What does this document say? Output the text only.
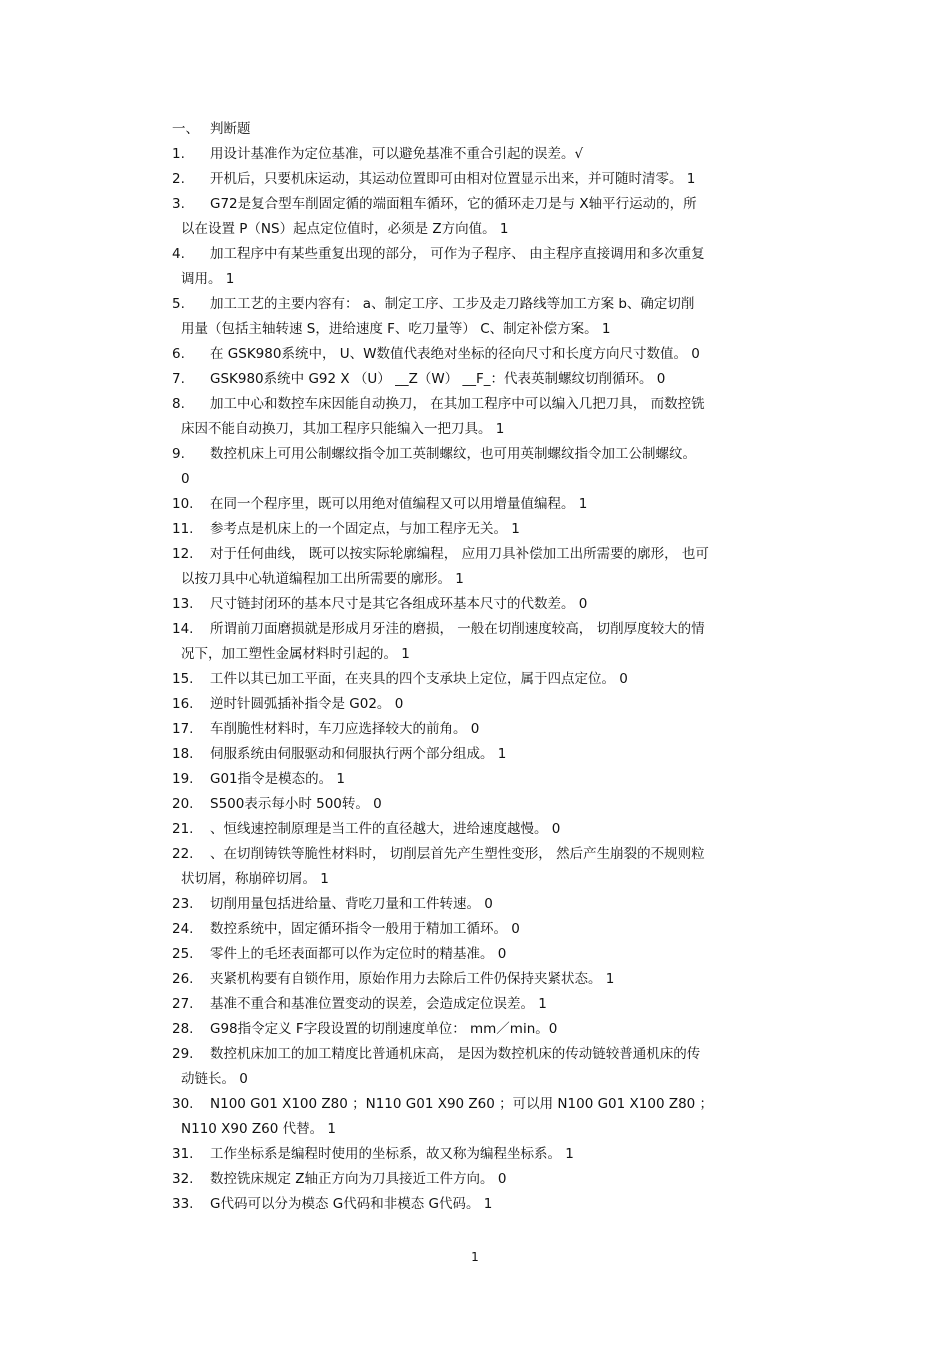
一、 判断题
1. 用设计基准作为定位基准，可以避免基准不重合引起的误差。√
2. 开机后，只要机床运动，其运动位置即可由相对位置显示出来，并可随时清零。 1
3. G72是复合型车削固定循的端面粗车循环，它的循环走刀是与 X轴平行运动的，所
以在设置 P（NS）起点定位值时，必须是 Z方向值。 1
4. 加工程序中有某些重复出现的部分， 可作为子程序、 由主程序直接调用和多次重复
调用。 1
5. 加工工艺的主要内容有： a、制定工序、工步及走刀路线等加工方案 b、确定切削
用量（包括主轴转速 S，进给速度 F、吃刀量等） C、制定补偿方案。 1
6. 在 GSK980系统中， U、W数值代表绝对坐标的径向尺寸和长度方向尺寸数值。 0
7. GSK980系统中 G92 X （U） __Z（W） __F_：代表英制螺纹切削循环。 0
8. 加工中心和数控车床因能自动换刀， 在其加工程序中可以编入几把刀具， 而数控铣
床因不能自动换刀，其加工程序只能编入一把刀具。 1
9. 数控机床上可用公制螺纹指令加工英制螺纹，也可用英制螺纹指令加工公制螺纹。
0
10. 在同一个程序里，既可以用绝对值编程又可以用增量值编程。 1
11. 参考点是机床上的一个固定点，与加工程序无关。 1
12. 对于任何曲线， 既可以按实际轮廓编程， 应用刀具补偿加工出所需要的廓形， 也可
以按刀具中心轨道编程加工出所需要的廓形。 1
13. 尺寸链封闭环的基本尺寸是其它各组成环基本尺寸的代数差。 0
14. 所谓前刀面磨损就是形成月牙洼的磨损， 一般在切削速度较高， 切削厚度较大的情
况下，加工塑性金属材料时引起的。 1
15. 工件以其已加工平面，在夹具的四个支承块上定位，属于四点定位。 0
16. 逆时针圆弧插补指令是 G02。 0
17. 车削脆性材料时，车刀应选择较大的前角。 0
18. 伺服系统由伺服驱动和伺服执行两个部分组成。 1
19. G01指令是模态的。 1
20. S500表示每小时 500转。 0
21. 、恒线速控制原理是当工件的直径越大，进给速度越慢。 0
22. 、在切削铸铁等脆性材料时， 切削层首先产生塑性变形， 然后产生崩裂的不规则粒
状切屑，称崩碎切屑。 1
23. 切削用量包括进给量、背吃刀量和工件转速。 0
24. 数控系统中，固定循环指令一般用于精加工循环。 0
25. 零件上的毛坯表面都可以作为定位时的精基准。 0
26. 夹紧机构要有自锁作用，原始作用力去除后工件仍保持夹紧状态。 1
27. 基准不重合和基准位置变动的误差，会造成定位误差。 1
28. G98指令定义 F字段设置的切削速度单位： mm／min。0
29. 数控机床加工的加工精度比普通机床高， 是因为数控机床的传动链较普通机床的传
动链长。 0
30. N100 G01 X100 Z80 ；N110 G01 X90 Z60 ；可以用 N100 G01 X100 Z80 ；
N110 X90 Z60 代替。 1
31. 工作坐标系是编程时使用的坐标系，故又称为编程坐标系。 1
32. 数控铣床规定 Z轴正方向为刀具接近工件方向。 0
33. G代码可以分为模态 G代码和非模态 G代码。 1
1
